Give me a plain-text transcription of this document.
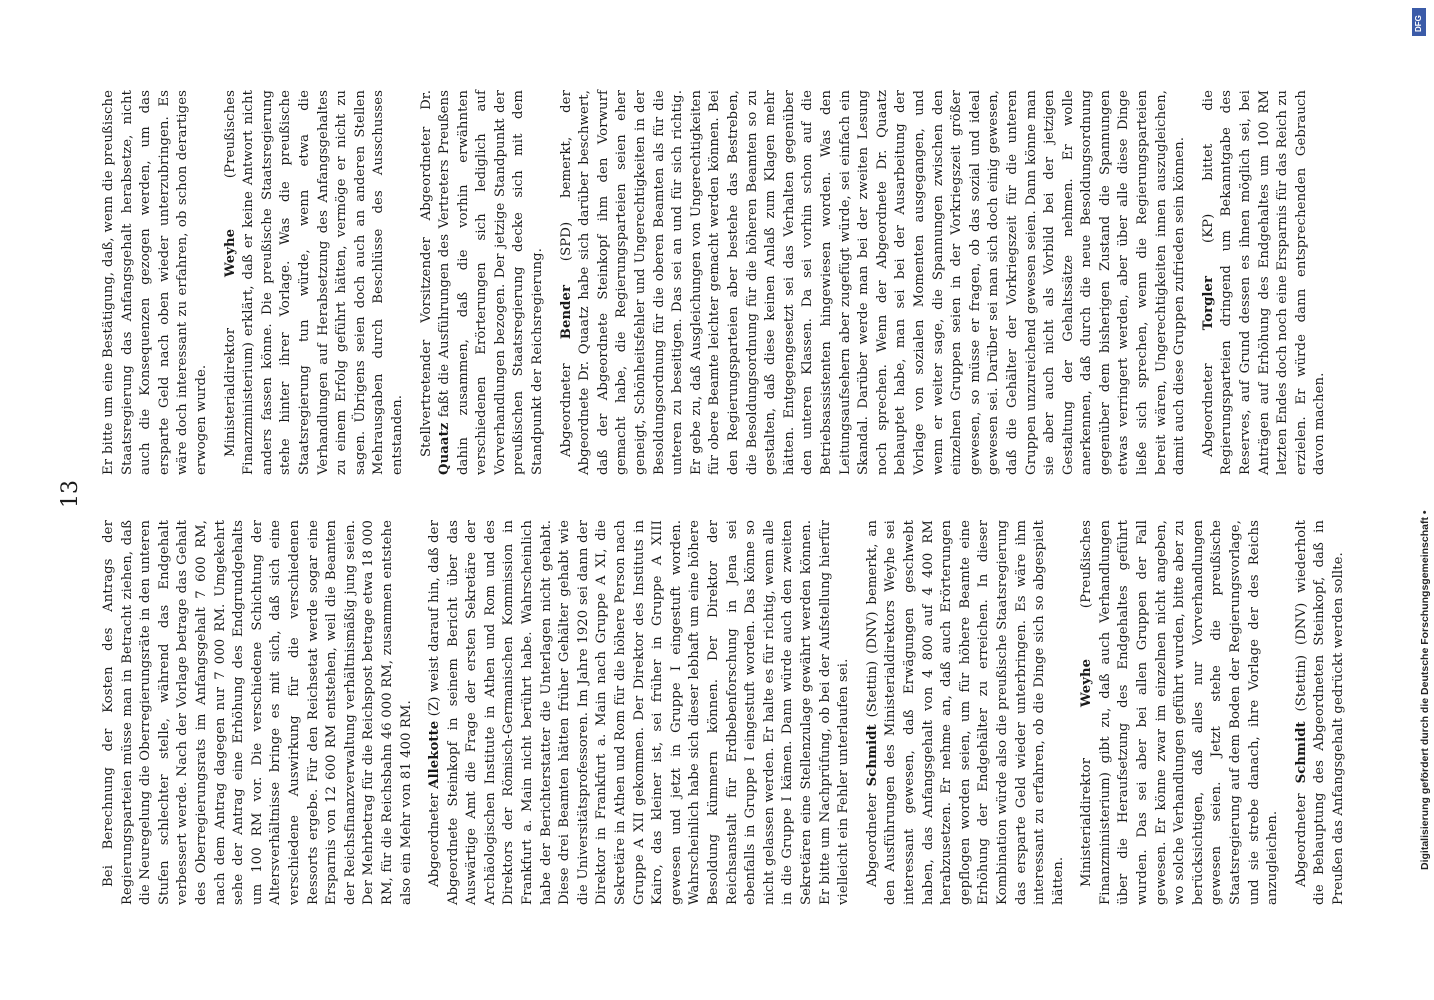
13

Bei Berechnung der Kosten des Antrags der Regierungsparteien müsse man in Betracht ziehen, daß die Neuregelung die Oberregierungsräte in den unteren Stufen schlechter stelle, während das Endgehalt verbessert werde. Nach der Vorlage betrage das Gehalt des Oberregierungsrats im Anfangsgehalt 7 600 RM, nach dem Antrag dagegen nur 7 000 RM. Umgekehrt sehe der Antrag eine Erhöhung des Endgrundgehalts um 100 RM vor. Die verschiedene Schichtung der Altersverhältnisse bringe es mit sich, daß sich eine verschiedene Auswirkung für die verschiedenen Ressorts ergebe. Für den Reichsetat werde sogar eine Ersparnis von 12 600 RM entstehen, weil die Beamten der Reichsfinanzverwaltung verhältnismäßig jung seien. Der Mehrbetrag für die Reichspost betrage etwa 18 000 RM, für die Reichsbahn 46 000 RM, zusammen entstehe also ein Mehr von 81 400 RM. Abgeordneter Allekotte (Z) weist darauf hin, daß der Abgeordnete Steinkopf in seinem Bericht über das Auswärtige Amt die Frage der ersten Sekretäre der Archäologischen Institute in Athen und Rom und des Direktors der Römisch-Germanischen Kommission in Frankfurt a. Main nicht berührt habe. Wahrscheinlich habe der Berichterstatter die Unterlagen nicht gehabt. Diese drei Beamten hätten früher Gehälter gehabt wie die Universitätsprofessoren. Im Jahre 1920 sei dann der Direktor in Frankfurt a. Main nach Gruppe A XI, die Sekretäre in Athen und Rom für die höhere Person nach Gruppe A XII gekommen. Der Direktor des Instituts in Kairo, das kleiner ist, sei früher in Gruppe A XIII gewesen und jetzt in Gruppe I eingestuft worden. Wahrscheinlich habe sich dieser lebhaft um eine höhere Besoldung kümmern können. Der Direktor der Reichsanstalt für Erdbebenforschung in Jena sei ebenfalls in Gruppe I eingestuft worden. Das könne so nicht gelassen werden. Er halte es für richtig, wenn alle in die Gruppe I kämen. Dann würde auch den zweiten Sekretären eine Stellenzulage gewährt werden können. Er bitte um Nachprüfung, ob bei der Aufstellung hierfür vielleicht ein Fehler unterlaufen sei. Abgeordneter Schmidt (Stettin) (DNV) bemerkt, an den Ausführungen des Ministerialdirektors Weyhe sei interessant gewesen, daß Erwägungen geschwebt haben, das Anfangsgehalt von 4 800 auf 4 400 RM herabzusetzen. Er nehme an, daß auch Erörterungen gepflogen worden seien, um für höhere Beamte eine Erhöhung der Endgehälter zu erreichen. In dieser Kombination würde also die preußische Staatsregierung das ersparte Geld wieder unterbringen. Es wäre ihm interessant zu erfahren, ob die Dinge sich so abgespielt hätten. Ministerialdirektor Weyhe (Preußisches Finanzministerium) gibt zu, daß auch Verhandlungen über die Heraufsetzung des Endgehaltes geführt wurden. Das sei aber bei allen Gruppen der Fall gewesen. Er könne zwar im einzelnen nicht angeben, wo solche Verhandlungen geführt wurden, bitte aber zu berücksichtigen, daß alles nur Vorverhandlungen gewesen seien. Jetzt stehe die preußische Staatsregierung auf dem Boden der Regierungsvorlage, und sie strebe danach, ihre Vorlage der des Reichs anzugleichen. Abgeordneter Schmidt (Stettin) (DNV) wiederholt die Behauptung des Abgeordneten Steinkopf, daß in Preußen das Anfangsgehalt gedrückt werden sollte.

Er bitte um eine Bestätigung, daß, wenn die preußische Staatsregierung das Anfangsgehalt herabsetze, nicht auch die Konsequenzen gezogen werden, um das ersparte Geld nach oben wieder unterzubringen. Es wäre doch interessant zu erfahren, ob schon derartiges erwogen wurde. Ministerialdirektor Weyhe (Preußisches Finanzministerium) erklärt, daß er keine Antwort nicht anders fassen könne. Die preußische Staatsregierung stehe hinter ihrer Vorlage. Was die preußische Staatsregierung tun würde, wenn etwa die Verhandlungen auf Herabsetzung des Anfangsgehaltes zu einem Erfolg geführt hätten, vermöge er nicht zu sagen. Übrigens seien doch auch an anderen Stellen Mehrausgaben durch Beschlüsse des Ausschusses entstanden. Stellvertretender Vorsitzender Abgeordneter Dr. Quaatz faßt die Ausführungen des Vertreters Preußens dahin zusammen, daß die vorhin erwähnten verschiedenen Erörterungen sich lediglich auf Vorverhandlungen bezogen. Der jetzige Standpunkt der preußischen Staatsregierung decke sich mit dem Standpunkt der Reichsregierung. Abgeordneter Bender (SPD) bemerkt, der Abgeordnete Dr. Quaatz habe sich darüber beschwert, daß der Abgeordnete Steinkopf ihm den Vorwurf gemacht habe, die Regierungsparteien seien eher geneigt, Schönheitsfehler und Ungerechtigkeiten in der Besoldungsordnung für die oberen Beamten als für die unteren zu beseitigen. Das sei an und für sich richtig. Er gebe zu, daß Ausgleichungen von Ungerechtigkeiten für obere Beamte leichter gemacht werden können. Bei den Regierungsparteien aber bestehe das Bestreben, die Besoldungsordnung für die höheren Beamten so zu gestalten, daß diese keinen Anlaß zum Klagen mehr hätten. Entgegengesetzt sei das Verhalten gegenüber den unteren Klassen. Da sei vorhin schon auf die Betriebsassistenten hingewiesen worden. Was den Leitungsaufsehern aber zugefügt würde, sei einfach ein Skandal. Darüber werde man bei der zweiten Lesung noch sprechen. Wenn der Abgeordnete Dr. Quaatz behauptet habe, man sei bei der Ausarbeitung der Vorlage von sozialen Momenten ausgegangen, und wenn er weiter sage, die Spannungen zwischen den einzelnen Gruppen seien in der Vorkriegszeit größer gewesen, so müsse er fragen, ob das sozial und ideal gewesen sei. Darüber sei man sich doch einig gewesen, daß die Gehälter der Vorkriegszeit für die unteren Gruppen unzureichend gewesen seien. Dann könne man sie aber auch nicht als Vorbild bei der jetzigen Gestaltung der Gehaltssätze nehmen. Er wolle anerkennen, daß durch die neue Besoldungsordnung gegenüber dem bisherigen Zustand die Spannungen etwas verringert werden, aber über alle diese Dinge ließe sich sprechen, wenn die Regierungsparteien bereit wären, Ungerechtigkeiten innen auszugleichen, damit auch diese Gruppen zufrieden sein können. Abgeordneter Torgler (KP) bittet die Regierungsparteien dringend um Bekanntgabe des Reserves, auf Grund dessen es ihnen möglich sei, bei Anträgen auf Erhöhung des Endgehaltes um 100 RM letzten Endes doch noch eine Ersparnis für das Reich zu erzielen. Er würde dann entsprechenden Gebrauch davon machen.

DFG
Digitalisierung gefördert durch die Deutsche Forschungsgemeinschaft •
